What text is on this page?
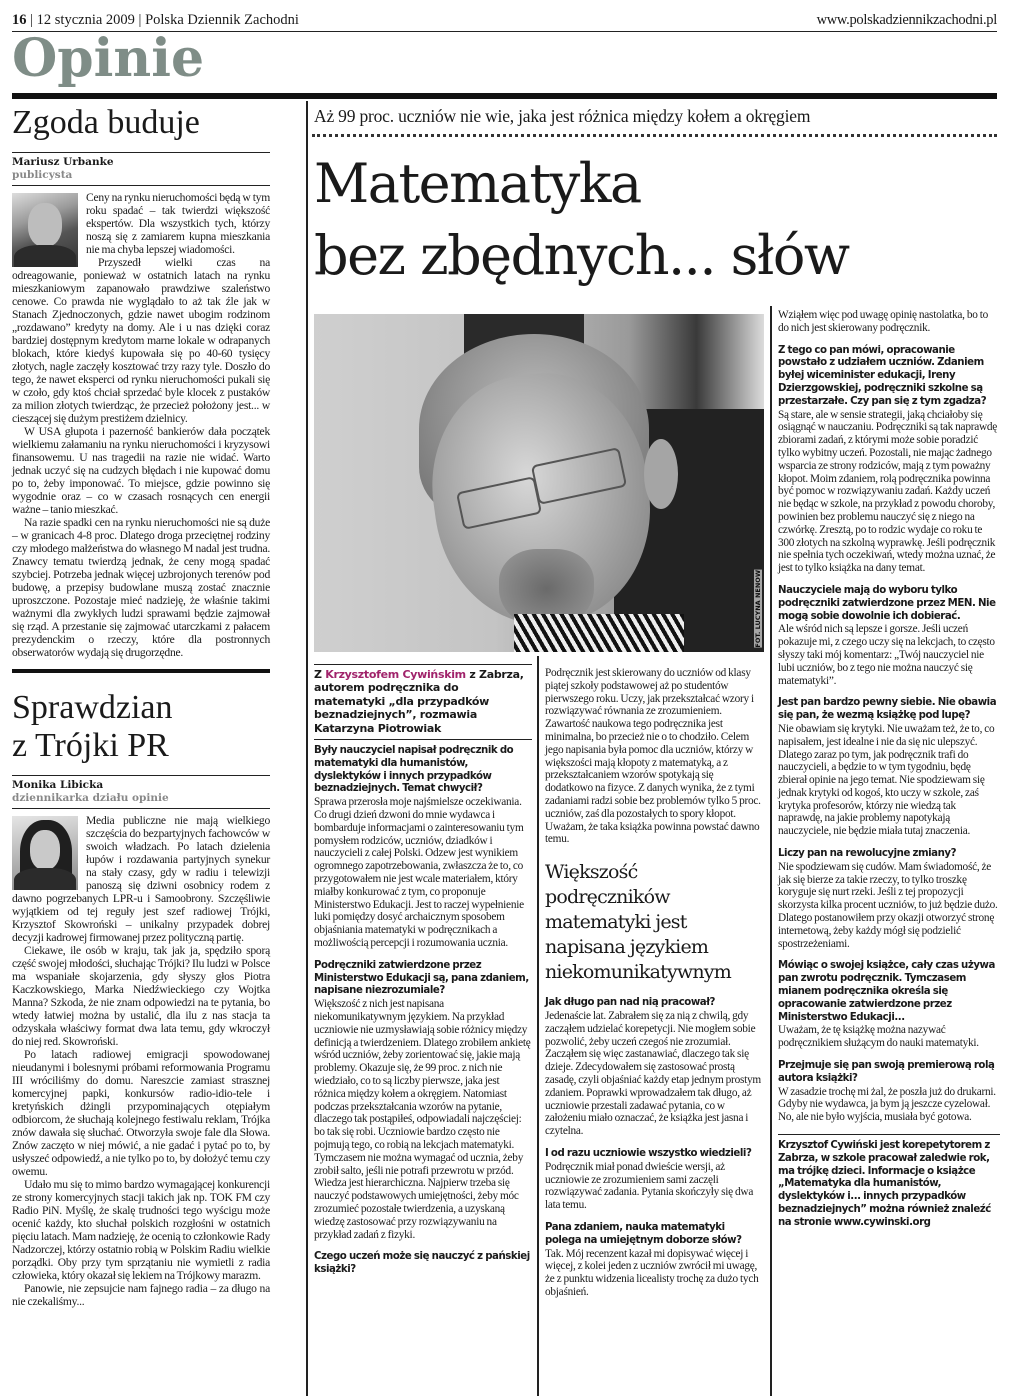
16 | 12 stycznia 2009 | Polska Dziennik Zachodni	www.polskadziennikzachodni.pl
Opinie
Zgoda buduje
Mariusz Urbanke
publicysta

Ceny na rynku nieruchomości będą w tym roku spadać – tak twierdzi większość ekspertów. Dla wszystkich tych, którzy noszą się z zamiarem kupna mieszkania nie ma chyba lepszej wiadomości.

Przyszedł wielki czas na odreagowanie, ponieważ w ostatnich latach na rynku mieszkaniowym zapanowało prawdziwe szaleństwo cenowe. Co prawda nie wyglądało to aż tak źle jak w Stanach Zjednoczonych, gdzie nawet ubogim rodzinom „rozdawano” kredyty na domy. Ale i u nas dzięki coraz bardziej dostępnym kredytom marne lokale w odrapanych blokach, które kiedyś kupowała się po 40-60 tysięcy złotych, nagle zaczęły kosztować trzy razy tyle. Doszło do tego, że nawet eksperci od rynku nieruchomości pukali się w czoło, gdy ktoś chciał sprzedać byle klocek z pustaków za milion złotych twierdząc, że przecież położony jest... w cieszącej się dużym prestiżem dzielnicy.

W USA głupota i pazerność bankierów dała początek wielkiemu załamaniu na rynku nieruchomości i kryzysowi finansowemu. U nas tragedii na razie nie widać. Warto jednak uczyć się na cudzych błędach i nie kupować domu po to, żeby imponować. To miejsce, gdzie powinno się wygodnie oraz – co w czasach rosnących cen energii ważne – tanio mieszkać.

Na razie spadki cen na rynku nieruchomości nie są duże – w granicach 4-8 proc. Dlatego droga przeciętnej rodziny czy młodego małżeństwa do własnego M nadal jest trudna. Znawcy tematu twierdzą jednak, że ceny mogą spadać szybciej. Potrzeba jednak więcej uzbrojonych terenów pod budowę, a przepisy budowlane muszą zostać znacznie uproszczone. Pozostaje mieć nadzieję, że właśnie takimi ważnymi dla zwykłych ludzi sprawami będzie zajmował się rząd. A przestanie się zajmować utarczkami z pałacem prezydenckim o rzeczy, które dla postronnych obserwatorów wydają się drugorzędne.

Sprawdzian
z Trójki PR
Monika Libicka
dziennikarka działu opinie

Media publiczne nie mają wielkiego szczęścia do bezpartyjnych fachowców w swoich władzach. Po latach dzielenia łupów i rozdawania partyjnych synekur na stały czasy, gdy w radiu i telewizji panoszą się dziwni osobnicy rodem z dawno pogrzebanych LPR-u i Samoobrony. Szczęśliwie wyjątkiem od tej reguły jest szef radiowej Trójki, Krzysztof Skowroński – unikalny przypadek dobrej decyzji kadrowej firmowanej przez polityczną partię.

Ciekawe, ile osób w kraju, tak jak ja, spędziło sporą część swojej młodości, słuchając Trójki? Ilu ludzi w Polsce ma wspaniałe skojarzenia, gdy słyszy głos Piotra Kaczkowskiego, Marka Niedźwieckiego czy Wojtka Manna? Szkoda, że nie znam odpowiedzi na te pytania, bo wtedy łatwiej można by ustalić, dla ilu z nas stacja ta odzyskała właściwy format dwa lata temu, gdy wkroczył do niej red. Skowroński.

Po latach radiowej emigracji spowodowanej nieudanymi i bolesnymi próbami reformowania Programu III wróciliśmy do domu. Nareszcie zamiast strasznej komercyjnej papki, konkursów radio-idio-tele i kretyńskich dżingli przypominających otępiałym odbiorcom, że słuchają kolejnego festiwalu reklam, Trójka znów dawała się słuchać. Otworzyła swoje fale dla Słowa. Znów zaczęto w niej mówić, a nie gadać i pytać po to, by usłyszeć odpowiedź, a nie tylko po to, by dołożyć temu czy owemu.

Udało mu się to mimo bardzo wymagającej konkurencji ze strony komercyjnych stacji takich jak np. TOK FM czy Radio PiN. Myślę, że skalę trudności tego wyścigu może ocenić każdy, kto słuchał polskich rozgłośni w ostatnich pięciu latach. Mam nadzieję, że ocenią to członkowie Rady Nadzorczej, którzy ostatnio robią w Polskim Radiu wielkie porządki. Oby przy tym sprzątaniu nie wymietli z radia człowieka, który okazał się lekiem na Trójkowy marazm.

Panowie, nie zepsujcie nam fajnego radia – za długo na nie czekaliśmy...

Aż 99 proc. uczniów nie wie, jaka jest różnica między kołem a okręgiem
Matematyka
bez zbędnych... słów
FOT. LUCYNA NENOW
Z Krzysztofem Cywińskim z Zabrza, autorem podręcznika do matematyki „dla przypadków beznadziejnych”, rozmawia Katarzyna Piotrowiak
Były nauczyciel napisał podręcznik do matematyki dla humanistów, dyslektyków i innych przypadków beznadziejnych. Temat chwycił?
Sprawa przerosła moje najśmielsze oczekiwania. Co drugi dzień dzwoni do mnie wydawca i bombarduje informacjami o zainteresowaniu tym pomysłem rodziców, uczniów, dziadków i nauczycieli z całej Polski. Odzew jest wynikiem ogromnego zapotrzebowania, zwłaszcza że to, co przygotowałem nie jest wcale materiałem, który miałby konkurować z tym, co proponuje Ministerstwo Edukacji. Jest to raczej wypełnienie luki pomiędzy dosyć archaicznym sposobem objaśniania matematyki w podręcznikach a możliwością percepcji i rozumowania ucznia.
Podręczniki zatwierdzone przez Ministerstwo Edukacji są, pana zdaniem, napisane niezrozumiale?
Większość z nich jest napisana niekomunikatywnym językiem. Na przykład uczniowie nie uzmysławiają sobie różnicy między definicją a twierdzeniem. Dlatego zrobiłem ankietę wśród uczniów, żeby zorientować się, jakie mają problemy. Okazuje się, że 99 proc. z nich nie wiedziało, co to są liczby pierwsze, jaka jest różnica między kołem a okręgiem. Natomiast podczas przekształcania wzorów na pytanie, dlaczego tak postąpiłeś, odpowiadali najczęściej: bo tak się robi. Uczniowie bardzo często nie pojmują tego, co robią na lekcjach matematyki. Tymczasem nie można wymagać od ucznia, żeby zrobił salto, jeśli nie potrafi przewrotu w przód. Wiedza jest hierarchiczna. Najpierw trzeba się nauczyć podstawowych umiejętności, żeby móc zrozumieć pozostałe twierdzenia, a uzyskaną wiedzę zastosować przy rozwiązywaniu na przykład zadań z fizyki.
Czego uczeń może się nauczyć z pańskiej książki?
Podręcznik jest skierowany do uczniów od klasy piątej szkoły podstawowej aż po studentów pierwszego roku. Uczy, jak przekształcać wzory i rozwiązywać równania ze zrozumieniem. Zawartość naukowa tego podręcznika jest minimalna, bo przecież nie o to chodziło. Celem jego napisania była pomoc dla uczniów, którzy w większości mają kłopoty z matematyką, a z przekształcaniem wzorów spotykają się dodatkowo na fizyce. Z danych wynika, że z tymi zadaniami radzi sobie bez problemów tylko 5 proc. uczniów, zaś dla pozostałych to spory kłopot. Uważam, że taka książka powinna powstać dawno temu.
Większość podręczników matematyki jest napisana językiem niekomunikatywnym
Jak długo pan nad nią pracował?
Jedenaście lat. Zabrałem się za nią z chwilą, gdy zacząłem udzielać korepetycji. Nie mogłem sobie pozwolić, żeby uczeń czegoś nie zrozumiał. Zacząłem się więc zastanawiać, dlaczego tak się dzieje. Zdecydowałem się zastosować prostą zasadę, czyli objaśniać każdy etap jednym prostym zdaniem. Poprawki wprowadzałem tak długo, aż uczniowie przestali zadawać pytania, co w założeniu miało oznaczać, że książka jest jasna i czytelna.
I od razu uczniowie wszystko wiedzieli?
Podręcznik miał ponad dwieście wersji, aż uczniowie ze zrozumieniem sami zaczęli rozwiązywać zadania. Pytania skończyły się dwa lata temu.
Pana zdaniem, nauka matematyki polega na umiejętnym doborze słów?
Tak. Mój recenzent kazał mi dopisywać więcej i więcej, z kolei jeden z uczniów zwrócił mi uwagę, że z punktu widzenia licealisty trochę za dużo tych objaśnień.
Wziąłem więc pod uwagę opinię nastolatka, bo to do nich jest skierowany podręcznik.
Z tego co pan mówi, opracowanie powstało z udziałem uczniów. Zdaniem byłej wiceminister edukacji, Ireny Dzierzgowskiej, podręczniki szkolne są przestarzałe. Czy pan się z tym zgadza?
Są stare, ale w sensie strategii, jaką chciałoby się osiągnąć w nauczaniu. Podręczniki są tak naprawdę zbiorami zadań, z którymi może sobie poradzić tylko wybitny uczeń. Pozostali, nie mając żadnego wsparcia ze strony rodziców, mają z tym poważny kłopot. Moim zdaniem, rolą podręcznika powinna być pomoc w rozwiązywaniu zadań. Każdy uczeń nie będąc w szkole, na przykład z powodu choroby, powinien bez problemu nauczyć się z niego na czwórkę. Zresztą, po to rodzic wydaje co roku te 300 złotych na szkolną wyprawkę. Jeśli podręcznik nie spełnia tych oczekiwań, wtedy można uznać, że jest to tylko książka na dany temat.
Nauczyciele mają do wyboru tylko podręczniki zatwierdzone przez MEN. Nie mogą sobie dowolnie ich dobierać.
Ale wśród nich są lepsze i gorsze. Jeśli uczeń pokazuje mi, z czego uczy się na lekcjach, to często słyszy taki mój komentarz: „Twój nauczyciel nie lubi uczniów, bo z tego nie można nauczyć się matematyki”.
Jest pan bardzo pewny siebie. Nie obawia się pan, że wezmą książkę pod lupę?
Nie obawiam się krytyki. Nie uważam też, że to, co napisałem, jest idealne i nie da się nic ulepszyć. Dlatego zaraz po tym, jak podręcznik trafi do nauczycieli, a będzie to w tym tygodniu, będę zbierał opinie na jego temat. Nie spodziewam się jednak krytyki od kogoś, kto uczy w szkole, zaś krytyka profesorów, którzy nie wiedzą tak naprawdę, na jakie problemy napotykają nauczyciele, nie będzie miała tutaj znaczenia.
Liczy pan na rewolucyjne zmiany?
Nie spodziewam się cudów. Mam świadomość, że jak się bierze za takie rzeczy, to tylko troszkę koryguje się nurt rzeki. Jeśli z tej propozycji skorzysta kilka procent uczniów, to już będzie dużo. Dlatego postanowiłem przy okazji otworzyć stronę internetową, żeby każdy mógł się podzielić spostrzeżeniami.
Mówiąc o swojej książce, cały czas używa pan zwrotu podręcznik. Tymczasem mianem podręcznika określa się opracowanie zatwierdzone przez Ministerstwo Edukacji...
Uważam, że tę książkę można nazywać podręcznikiem służącym do nauki matematyki.
Przejmuje się pan swoją premierową rolą autora książki?
W zasadzie trochę mi żal, że poszła już do drukarni. Gdyby nie wydawca, ja bym ją jeszcze cyzelował. No, ale nie było wyjścia, musiała być gotowa.
Krzysztof Cywiński jest korepetytorem z Zabrza, w szkole pracował zaledwie rok, ma trójkę dzieci. Informacje o książce „Matematyka dla humanistów, dyslektyków i... innych przypadków beznadziejnych” można również znaleźć na stronie www.cywinski.org
